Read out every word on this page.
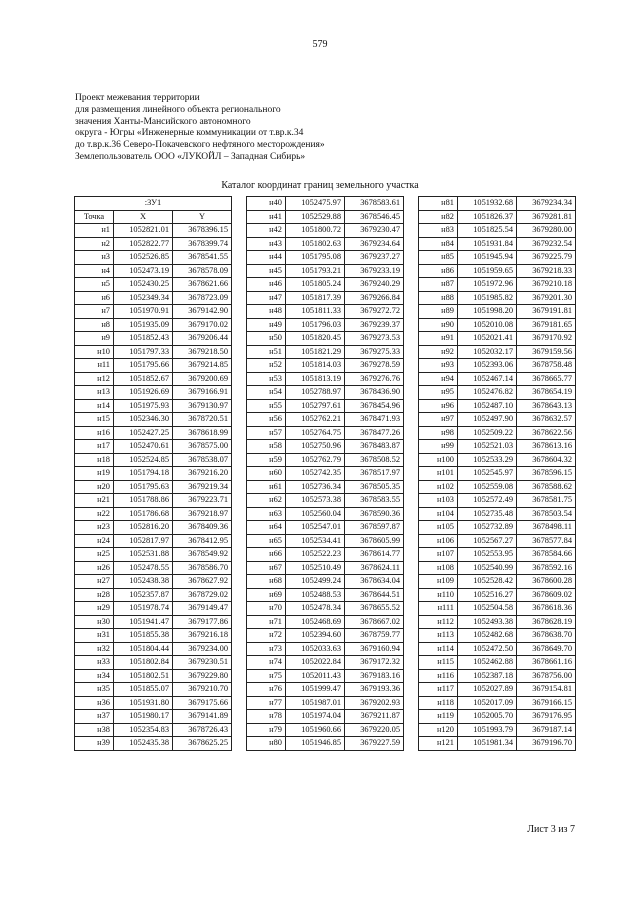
579
Проект межевания территории
для размещения линейного объекта регионального
значения Ханты-Мансийского автономного
округа - Югры «Инженерные коммуникации от т.вр.к.34
до т.вр.к.36 Северо-Покачевского нефтяного месторождения»
Землепользователь ООО «ЛУКОЙЛ – Западная Сибирь»
Каталог координат границ земельного участка
:ЗУ1		
Точка	X	Y
н1	1052821.01	3678396.15
н2	1052822.77	3678399.74
н3	1052526.85	3678541.55
н4	1052473.19	3678578.09
н5	1052430.25	3678621.66
н6	1052349.34	3678723.09
н7	1051970.91	3679142.90
н8	1051935.09	3679170.02
н9	1051852.43	3679206.44
н10	1051797.33	3679218.50
н11	1051795.66	3679214.85
н12	1051852.67	3679200.69
н13	1051926.69	3679166.91
н14	1051975.93	3679130.97
н15	1052346.30	3678720.51
н16	1052427.25	3678618.99
н17	1052470.61	3678575.00
н18	1052524.85	3678538.07
н19	1051794.18	3679216.20
н20	1051795.63	3679219.34
н21	1051788.86	3679223.71
н22	1051786.68	3679218.97
н23	1052816.20	3678409.36
н24	1052817.97	3678412.95
н25	1052531.88	3678549.92
н26	1052478.55	3678586.70
н27	1052438.38	3678627.92
н28	1052357.87	3678729.02
н29	1051978.74	3679149.47
н30	1051941.47	3679177.86
н31	1051855.38	3679216.18
н32	1051804.44	3679234.00
н33	1051802.84	3679230.51
н34	1051802.51	3679229.80
н35	1051855.07	3679210.70
н36	1051931.80	3679175.66
н37	1051980.17	3679141.89
н38	1052354.83	3678726.43
н39	1052435.38	3678625.25
н40	1052475.97	3678583.61
н41	1052529.88	3678546.45
н42	1051800.72	3679230.47
н43	1051802.63	3679234.64
н44	1051795.08	3679237.27
н45	1051793.21	3679233.19
н46	1051805.24	3679240.29
н47	1051817.39	3679266.84
н48	1051811.33	3679272.72
н49	1051796.03	3679239.37
н50	1051820.45	3679273.53
н51	1051821.29	3679275.33
н52	1051814.03	3679278.59
н53	1051813.19	3679276.76
н54	1052788.97	3678436.90
н55	1052797.61	3678454.96
н56	1052762.21	3678471.93
н57	1052764.75	3678477.26
н58	1052750.96	3678483.87
н59	1052762.79	3678508.52
н60	1052742.35	3678517.97
н61	1052736.34	3678505.35
н62	1052573.38	3678583.55
н63	1052560.04	3678590.36
н64	1052547.01	3678597.87
н65	1052534.41	3678605.99
н66	1052522.23	3678614.77
н67	1052510.49	3678624.11
н68	1052499.24	3678634.04
н69	1052488.53	3678644.51
н70	1052478.34	3678655.52
н71	1052468.69	3678667.02
н72	1052394.60	3678759.77
н73	1052033.63	3679160.94
н74	1052022.84	3679172.32
н75	1052011.43	3679183.16
н76	1051999.47	3679193.36
н77	1051987.01	3679202.93
н78	1051974.04	3679211.87
н79	1051960.66	3679220.05
н80	1051946.85	3679227.59
н81	1051932.68	3679234.34
н82	1051826.37	3679281.81
н83	1051825.54	3679280.00
н84	1051931.84	3679232.54
н85	1051945.94	3679225.79
н86	1051959.65	3679218.33
н87	1051972.96	3679210.18
н88	1051985.82	3679201.30
н89	1051998.20	3679191.81
н90	1052010.08	3679181.65
н91	1052021.41	3679170.92
н92	1052032.17	3679159.56
н93	1052393.06	3678758.48
н94	1052467.14	3678665.77
н95	1052476.82	3678654.19
н96	1052487.10	3678643.13
н97	1052497.90	3678632.57
н98	1052509.22	3678622.56
н99	1052521.03	3678613.16
н100	1052533.29	3678604.32
н101	1052545.97	3678596.15
н102	1052559.08	3678588.62
н103	1052572.49	3678581.75
н104	1052735.48	3678503.54
н105	1052732.89	3678498.11
н106	1052567.27	3678577.84
н107	1052553.95	3678584.66
н108	1052540.99	3678592.16
н109	1052528.42	3678600.28
н110	1052516.27	3678609.02
н111	1052504.58	3678618.36
н112	1052493.38	3678628.19
н113	1052482.68	3678638.70
н114	1052472.50	3678649.70
н115	1052462.88	3678661.16
н116	1052387.18	3678756.00
н117	1052027.89	3679154.81
н118	1052017.09	3679166.15
н119	1052005.70	3679176.95
н120	1051993.79	3679187.14
н121	1051981.34	3679196.70
Лист 3 из 7
